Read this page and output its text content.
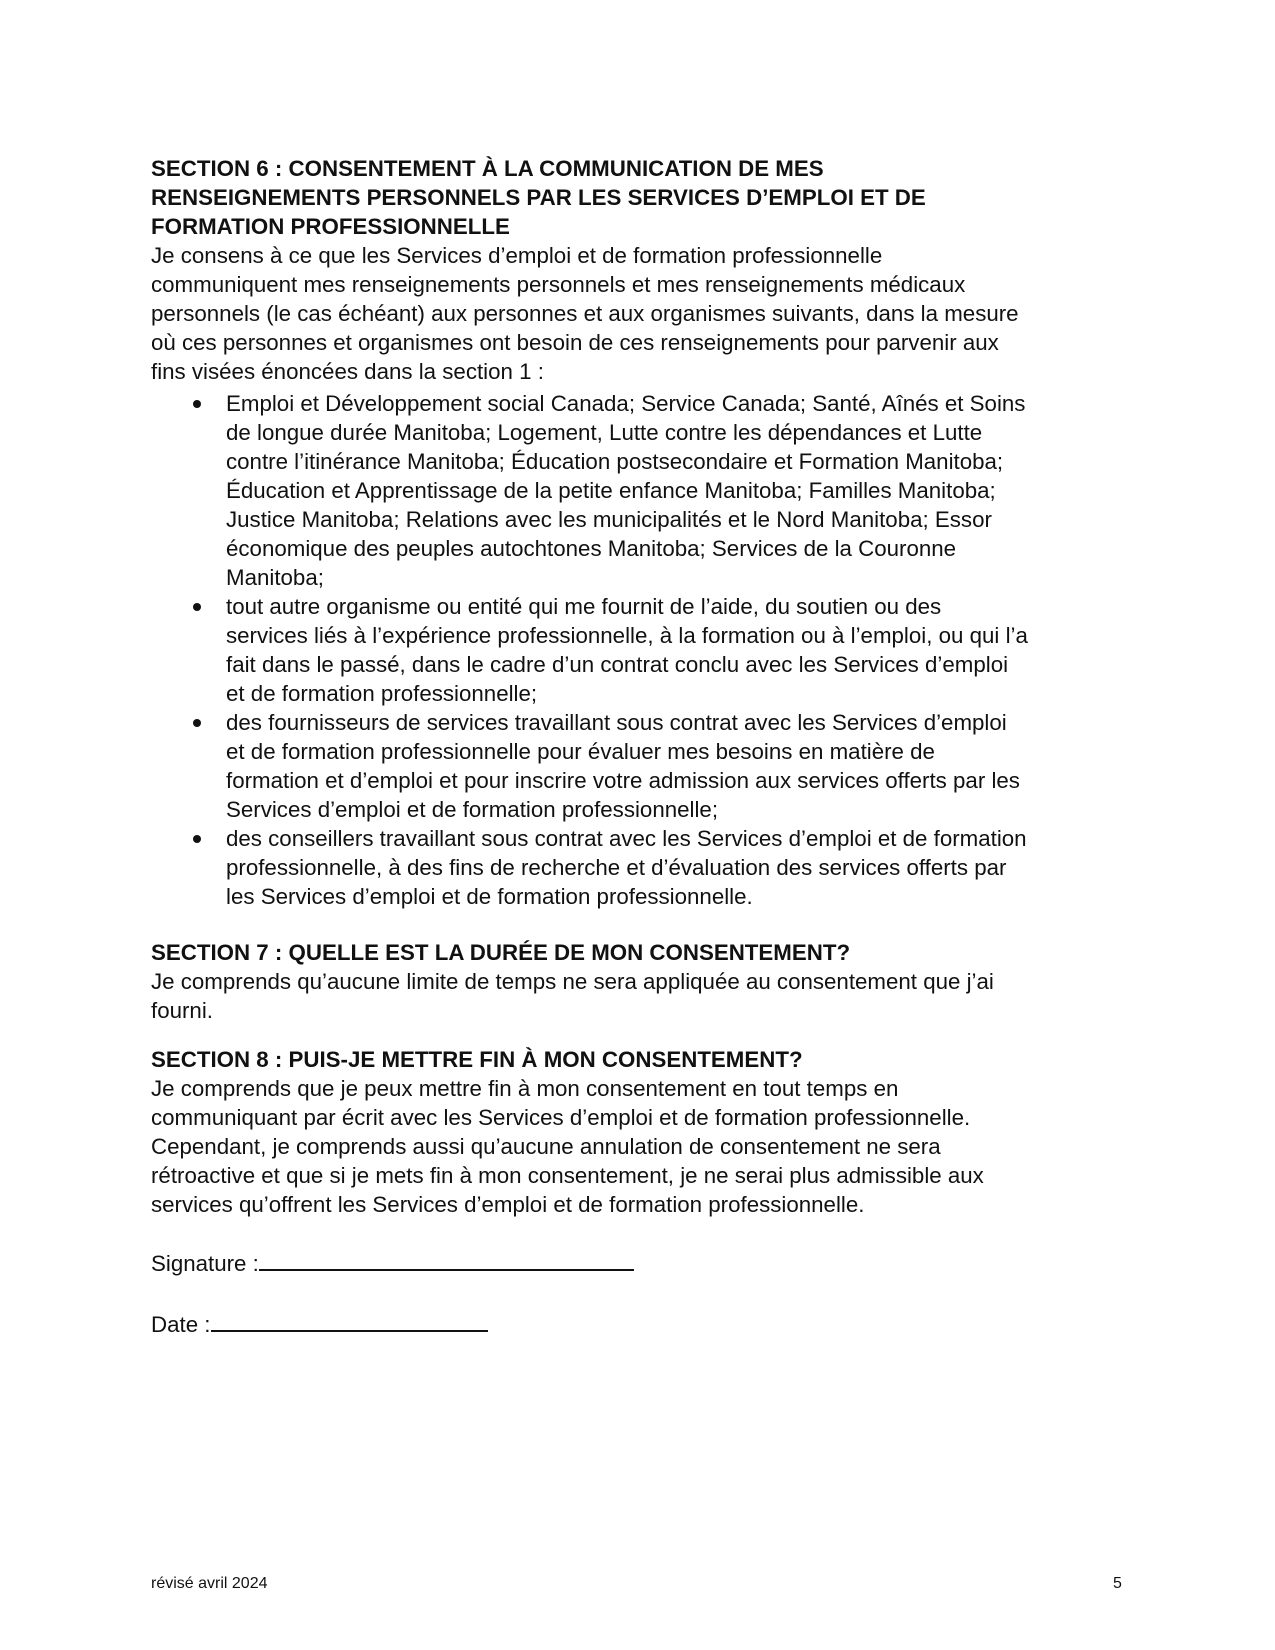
SECTION 6 : CONSENTEMENT À LA COMMUNICATION DE MES
RENSEIGNEMENTS PERSONNELS PAR LES SERVICES D’EMPLOI ET DE
FORMATION PROFESSIONNELLE
Je consens à ce que les Services d’emploi et de formation professionnelle
communiquent mes renseignements personnels et mes renseignements médicaux
personnels (le cas échéant) aux personnes et aux organismes suivants, dans la mesure
où ces personnes et organismes ont besoin de ces renseignements pour parvenir aux
fins visées énoncées dans la section 1 :
Emploi et Développement social Canada; Service Canada; Santé, Aînés et Soins
de longue durée Manitoba; Logement, Lutte contre les dépendances et Lutte
contre l’itinérance Manitoba; Éducation postsecondaire et Formation Manitoba;
Éducation et Apprentissage de la petite enfance Manitoba; Familles Manitoba;
Justice Manitoba; Relations avec les municipalités et le Nord Manitoba; Essor
économique des peuples autochtones Manitoba; Services de la Couronne
Manitoba;
tout autre organisme ou entité qui me fournit de l’aide, du soutien ou des
services liés à l’expérience professionnelle, à la formation ou à l’emploi, ou qui l’a
fait dans le passé, dans le cadre d’un contrat conclu avec les Services d’emploi
et de formation professionnelle;
des fournisseurs de services travaillant sous contrat avec les Services d’emploi
et de formation professionnelle pour évaluer mes besoins en matière de
formation et d’emploi et pour inscrire votre admission aux services offerts par les
Services d’emploi et de formation professionnelle;
des conseillers travaillant sous contrat avec les Services d’emploi et de formation
professionnelle, à des fins de recherche et d’évaluation des services offerts par
les Services d’emploi et de formation professionnelle.
SECTION 7 : QUELLE EST LA DURÉE DE MON CONSENTEMENT?
Je comprends qu’aucune limite de temps ne sera appliquée au consentement que j’ai
fourni.
SECTION 8 : PUIS-JE METTRE FIN À MON CONSENTEMENT?
Je comprends que je peux mettre fin à mon consentement en tout temps en
communiquant par écrit avec les Services d’emploi et de formation professionnelle.
Cependant, je comprends aussi qu’aucune annulation de consentement ne sera
rétroactive et que si je mets fin à mon consentement, je ne serai plus admissible aux
services qu’offrent les Services d’emploi et de formation professionnelle.
Signature :
Date :
révisé avril 2024	5
